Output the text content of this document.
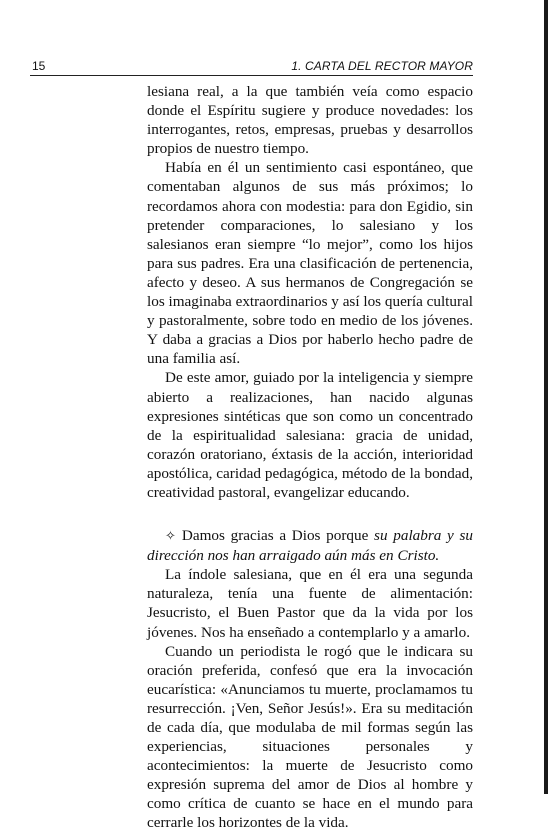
15	1. CARTA DEL RECTOR MAYOR

lesiana real, a la que también veía como espacio donde el Espíritu sugiere y produce novedades: los interrogantes, retos, empresas, pruebas y desarrollos propios de nuestro tiempo.

Había en él un sentimiento casi espontáneo, que comentaban algunos de sus más próximos; lo recordamos ahora con modestia: para don Egidio, sin pretender comparaciones, lo salesiano y los salesianos eran siempre “lo mejor”, como los hijos para sus padres. Era una clasificación de pertenencia, afecto y deseo. A sus hermanos de Congregación se los imaginaba extraordinarios y así los quería cultural y pastoralmente, sobre todo en medio de los jóvenes. Y daba a gracias a Dios por haberlo hecho padre de una familia así.

De este amor, guiado por la inteligencia y siempre abierto a realizaciones, han nacido algunas expresiones sintéticas que son como un concentrado de la espiritualidad salesiana: gracia de unidad, corazón oratoriano, éxtasis de la acción, interioridad apostólica, caridad pedagógica, método de la bondad, creatividad pastoral, evangelizar educando.

✧ Damos gracias a Dios porque su palabra y su dirección nos han arraigado aún más en Cristo.

La índole salesiana, que en él era una segunda naturaleza, tenía una fuente de alimentación: Jesucristo, el Buen Pastor que da la vida por los jóvenes. Nos ha enseñado a contemplarlo y a amarlo.

Cuando un periodista le rogó que le indicara su oración preferida, confesó que era la invocación eucarística: «Anunciamos tu muerte, proclamamos tu resurrección. ¡Ven, Señor Jesús!». Era su meditación de cada día, que modulaba de mil formas según las experiencias, situaciones personales y acontecimientos: la muerte de Jesucristo como expresión suprema del amor de Dios al hombre y como crítica de cuanto se hace en el mundo para cerrarle los horizontes de la vida.
